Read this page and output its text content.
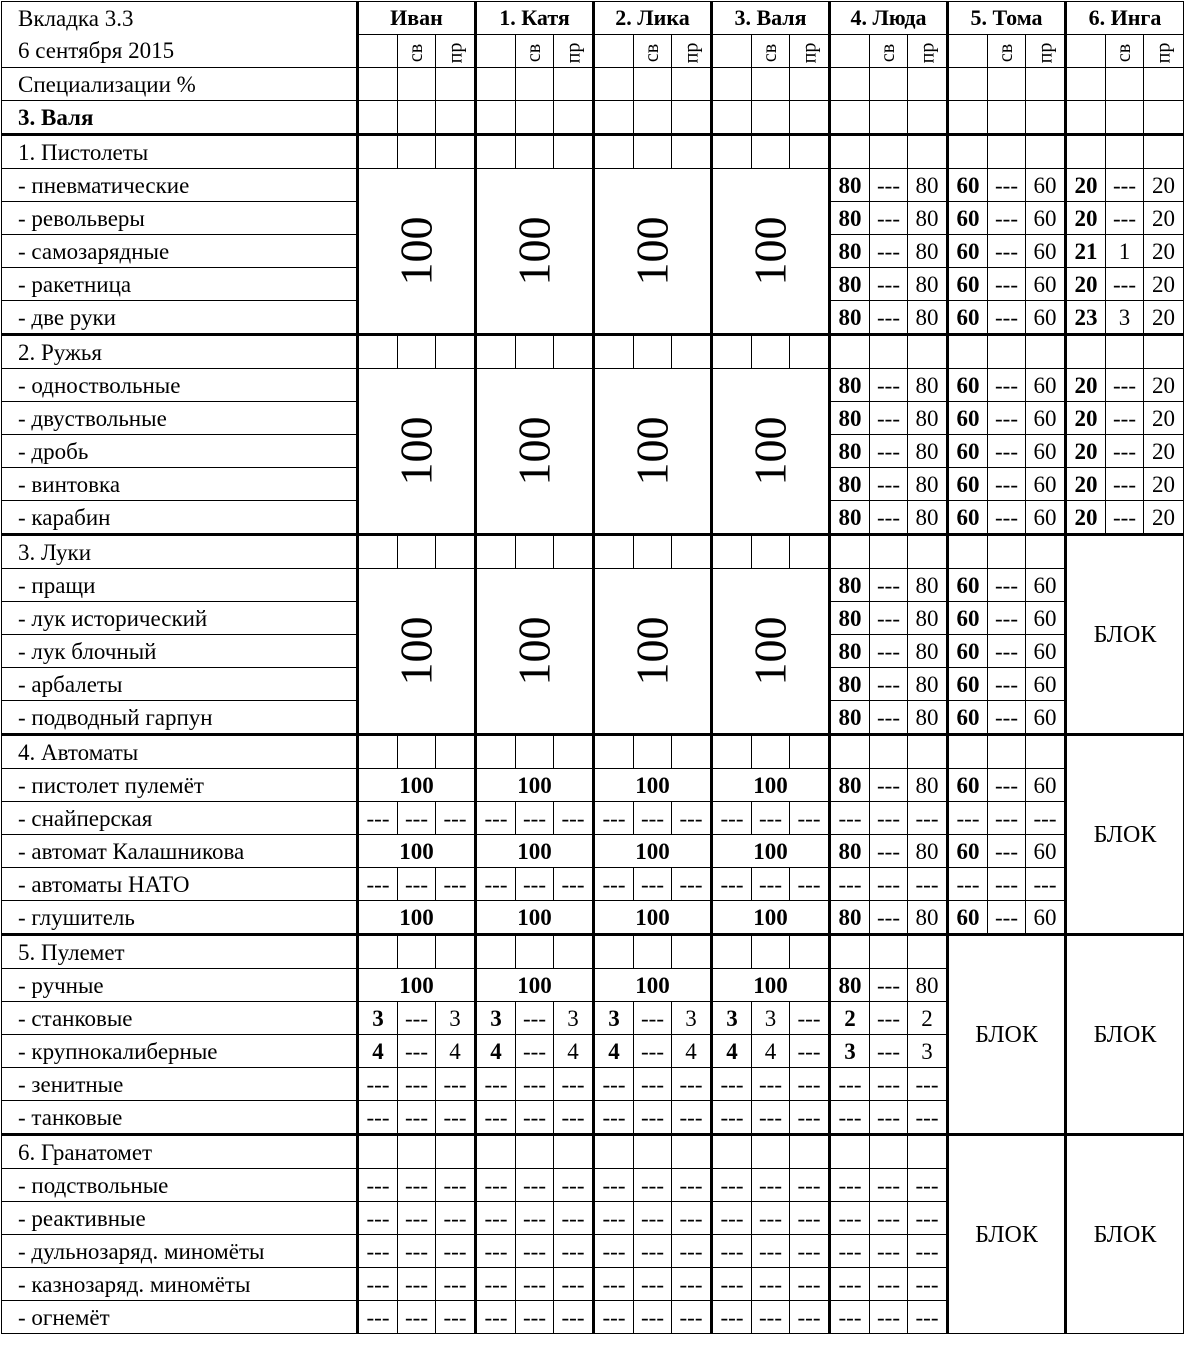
Вкладка 3.3	Иван			1. Катя			2. Лика			3. Валя			4. Люда			5. Тома			6. Инга		
6 сентября 2015		св	пр		св	пр		св	пр		св	пр		св	пр		св	пр		св	пр
Специализации %																					
3. Валя																					
1. Пистолеты																					
- пневматические	100			100			100			100			80	---	80	60	---	60	20	---	20
- револьверы													80	---	80	60	---	60	20	---	20
- самозарядные													80	---	80	60	---	60	21	1	20
- ракетница													80	---	80	60	---	60	20	---	20
- две руки													80	---	80	60	---	60	23	3	20
2. Ружья																					
- одноствольные	100			100			100			100			80	---	80	60	---	60	20	---	20
- двуствольные													80	---	80	60	---	60	20	---	20
- дробь													80	---	80	60	---	60	20	---	20
- винтовка													80	---	80	60	---	60	20	---	20
- карабин													80	---	80	60	---	60	20	---	20
3. Луки																			БЛОК		
- пращи	100			100			100			100			80	---	80	60	---	60			
- лук исторический													80	---	80	60	---	60			
- лук блочный													80	---	80	60	---	60			
- арбалеты													80	---	80	60	---	60			
- подводный гарпун													80	---	80	60	---	60			
4. Автоматы																			БЛОК		
- пистолет пулемёт	100			100			100			100			80	---	80	60	---	60			
- снайперская	---	---	---	---	---	---	---	---	---	---	---	---	---	---	---	---	---	---			
- автомат Калашникова	100			100			100			100			80	---	80	60	---	60			
- автоматы НАТО	---	---	---	---	---	---	---	---	---	---	---	---	---	---	---	---	---	---			
- глушитель	100			100			100			100			80	---	80	60	---	60			
5. Пулемет																БЛОК			БЛОК		
- ручные	100			100			100			100			80	---	80						
- станковые	3	---	3	3	---	3	3	---	3	3	3	---	2	---	2						
- крупнокалиберные	4	---	4	4	---	4	4	---	4	4	4	---	3	---	3						
- зенитные	---	---	---	---	---	---	---	---	---	---	---	---	---	---	---						
- танковые	---	---	---	---	---	---	---	---	---	---	---	---	---	---	---						
6. Гранатомет																БЛОК			БЛОК		
- подствольные	---	---	---	---	---	---	---	---	---	---	---	---	---	---	---						
- реактивные	---	---	---	---	---	---	---	---	---	---	---	---	---	---	---						
- дульнозаряд. миномёты	---	---	---	---	---	---	---	---	---	---	---	---	---	---	---						
- казнозаряд. миномёты	---	---	---	---	---	---	---	---	---	---	---	---	---	---	---						
- огнемёт	---	---	---	---	---	---	---	---	---	---	---	---	---	---	---						
